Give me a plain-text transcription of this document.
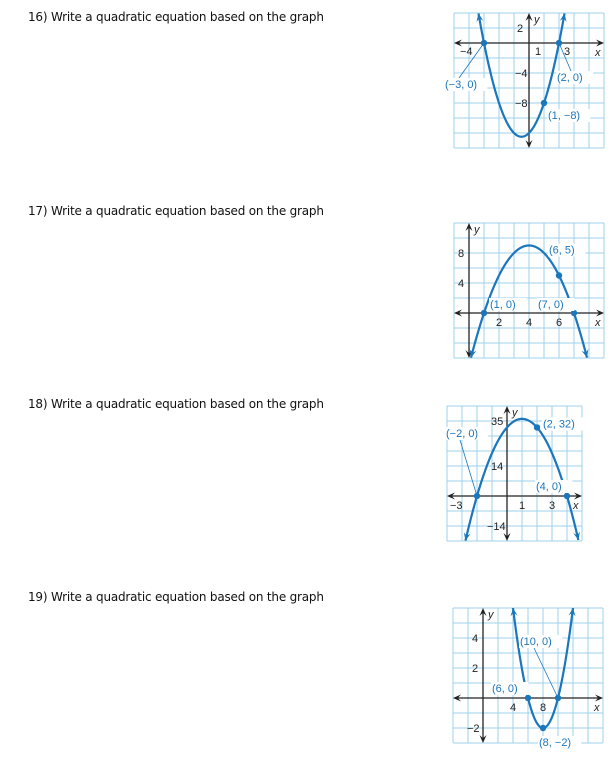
16) Write a quadratic equation based on the graph
17) Write a quadratic equation based on the graph
18) Write a quadratic equation based on the graph
19) Write a quadratic equation based on the graph
x
y
−4	1 3
2
−4
−8
(−3, 0)
(2, 0)
(1, −8)
x
y
2 4 6
8
4
(1, 0) (7, 0)
(6, 5)
x
y
−3	1 3
35
14
−14
(−2, 0)
(4, 0)
(2, 32)
x
y
4 8
4
2
−2
(6, 0)
(10, 0)
(8, −2)
